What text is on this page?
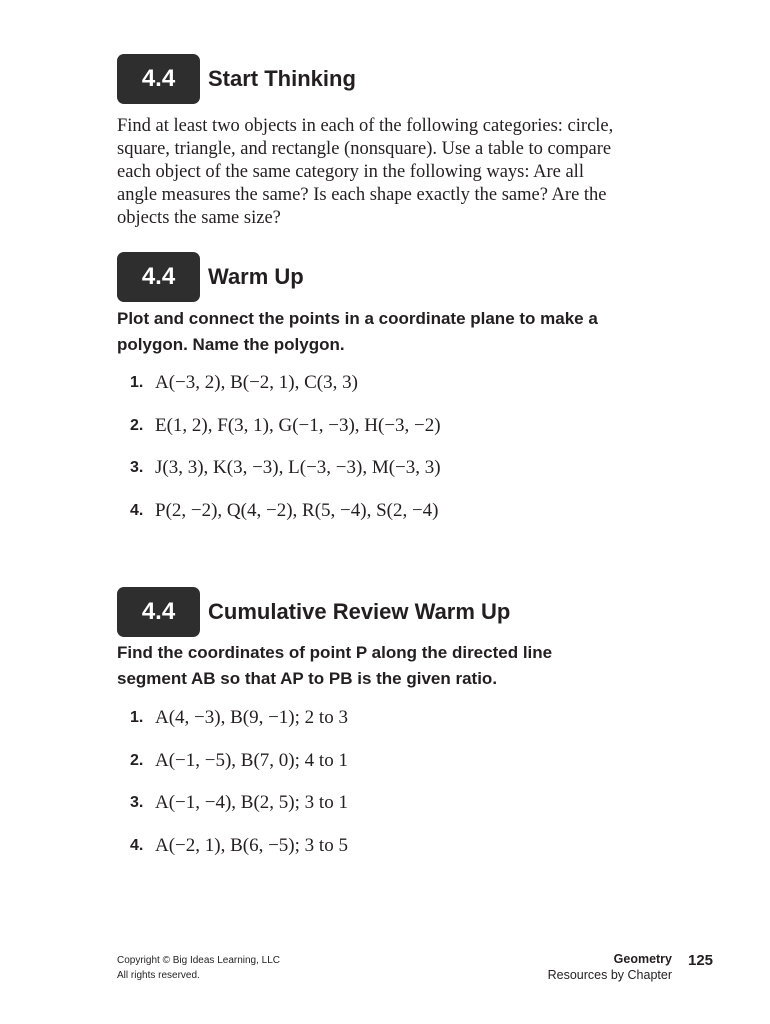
4.4	Start Thinking

Find at least two objects in each of the following categories: circle, square, triangle, and rectangle (nonsquare). Use a table to compare each object of the same category in the following ways: Are all angle measures the same? Is each shape exactly the same? Are the objects the same size?

4.4	Warm Up

Plot and connect the points in a coordinate plane to make a polygon. Name the polygon.

1. A(−3, 2), B(−2, 1), C(3, 3)
2. E(1, 2), F(3, 1), G(−1, −3), H(−3, −2)
3. J(3, 3), K(3, −3), L(−3, −3), M(−3, 3)
4. P(2, −2), Q(4, −2), R(5, −4), S(2, −4)
4.4	Cumulative Review Warm Up

Find the coordinates of point P along the directed line segment AB so that AP to PB is the given ratio.

1. A(4, −3), B(9, −1); 2 to 3
2. A(−1, −5), B(7, 0); 4 to 1
3. A(−1, −4), B(2, 5); 3 to 1
4. A(−2, 1), B(6, −5); 3 to 5
Copyright © Big Ideas Learning, LLC
All rights reserved.
Geometry
Resources by Chapter
125
